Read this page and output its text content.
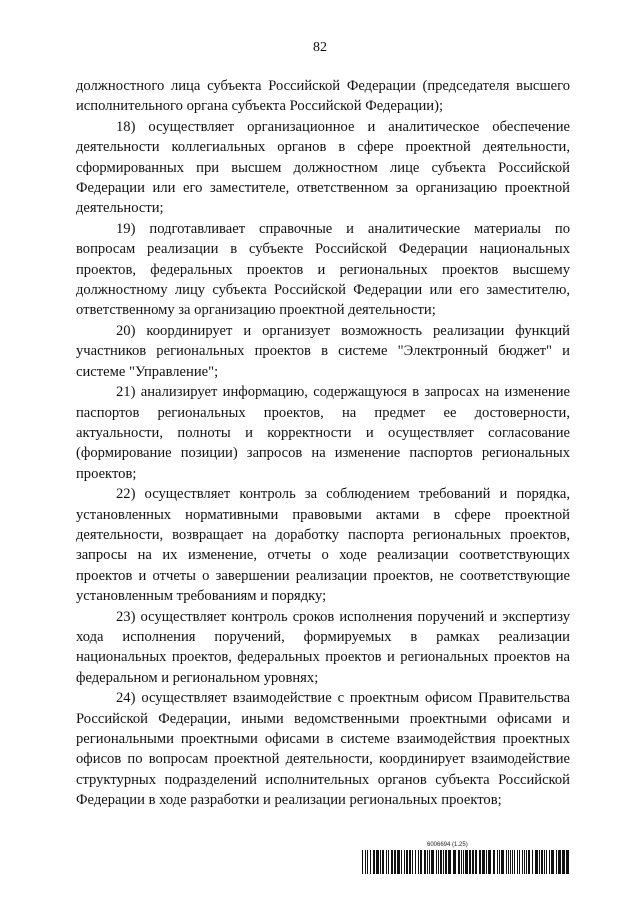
82

должностного лица субъекта Российской Федерации (председателя высшего исполнительного органа субъекта Российской Федерации);

18) осуществляет организационное и аналитическое обеспечение деятельности коллегиальных органов в сфере проектной деятельности, сформированных при высшем должностном лице субъекта Российской Федерации или его заместителе, ответственном за организацию проектной деятельности;

19) подготавливает справочные и аналитические материалы по вопросам реализации в субъекте Российской Федерации национальных проектов, федеральных проектов и региональных проектов высшему должностному лицу субъекта Российской Федерации или его заместителю, ответственному за организацию проектной деятельности;

20) координирует и организует возможность реализации функций участников региональных проектов в системе "Электронный бюджет" и системе "Управление";

21) анализирует информацию, содержащуюся в запросах на изменение паспортов региональных проектов, на предмет ее достоверности, актуальности, полноты и корректности и осуществляет согласование (формирование позиции) запросов на изменение паспортов региональных проектов;

22) осуществляет контроль за соблюдением требований и порядка, установленных нормативными правовыми актами в сфере проектной деятельности, возвращает на доработку паспорта региональных проектов, запросы на их изменение, отчеты о ходе реализации соответствующих проектов и отчеты о завершении реализации проектов, не соответствующие установленным требованиям и порядку;

23) осуществляет контроль сроков исполнения поручений и экспертизу хода исполнения поручений, формируемых в рамках реализации национальных проектов, федеральных проектов и региональных проектов на федеральном и региональном уровнях;

24) осуществляет взаимодействие с проектным офисом Правительства Российской Федерации, иными ведомственными проектными офисами и региональными проектными офисами в системе взаимодействия проектных офисов по вопросам проектной деятельности, координирует взаимодействие структурных подразделений исполнительных органов субъекта Российской Федерации в ходе разработки и реализации региональных проектов;

6006694 (1.25)
